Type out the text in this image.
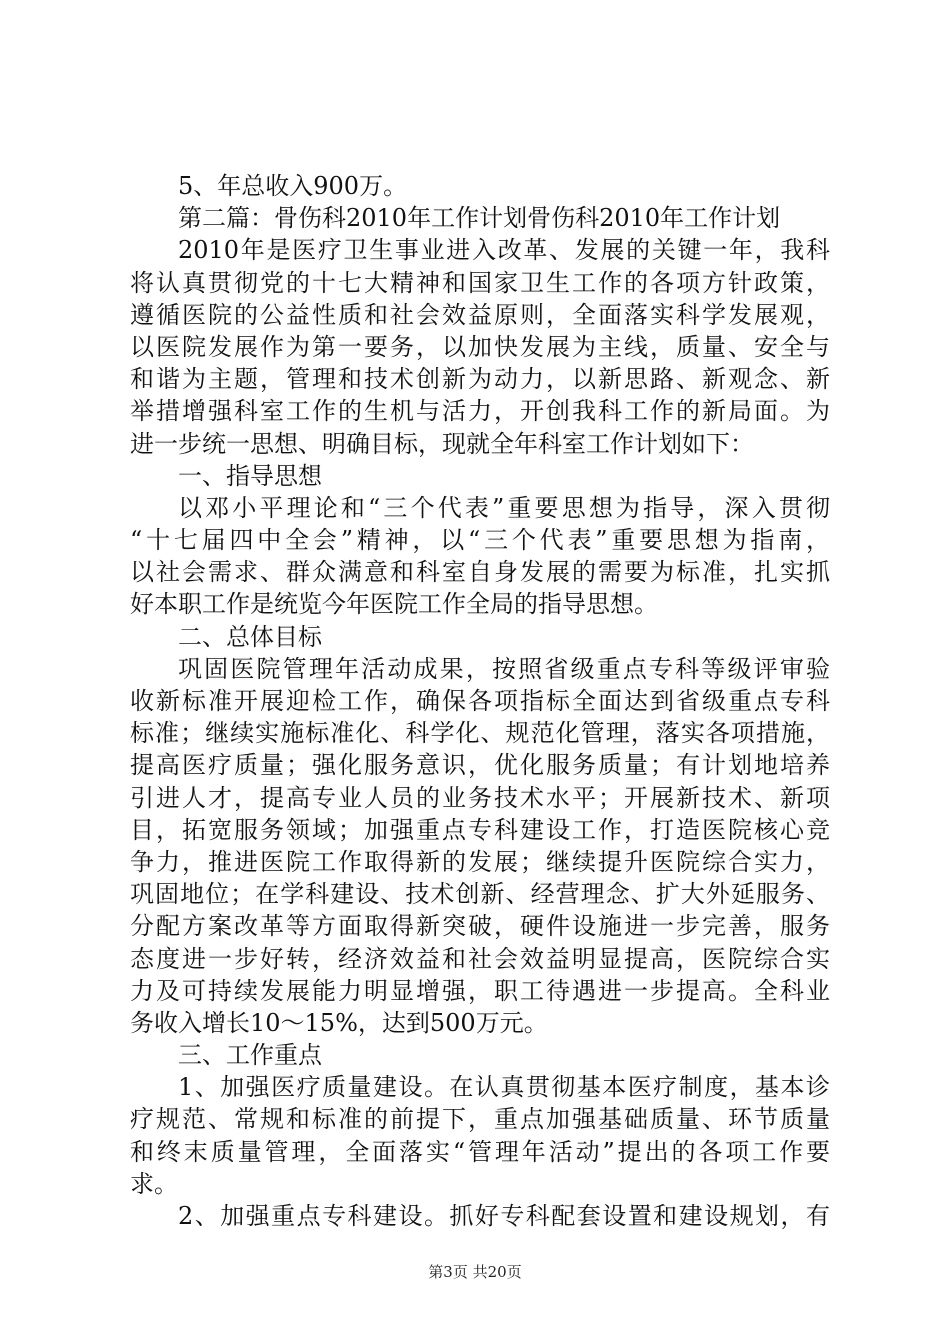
5、年总收入900万。
第二篇：骨伤科2010年工作计划骨伤科2010年工作计划
2010年是医疗卫生事业进入改革、发展的关键一年，我科
将认真贯彻党的十七大精神和国家卫生工作的各项方针政策，
遵循医院的公益性质和社会效益原则，全面落实科学发展观，
以医院发展作为第一要务，以加快发展为主线，质量、安全与
和谐为主题，管理和技术创新为动力，以新思路、新观念、新
举措增强科室工作的生机与活力，开创我科工作的新局面。为
进一步统一思想、明确目标，现就全年科室工作计划如下：
一、指导思想
以邓小平理论和“三个代表”重要思想为指导，深入贯彻
“十七届四中全会”精神，以“三个代表”重要思想为指南，
以社会需求、群众满意和科室自身发展的需要为标准，扎实抓
好本职工作是统览今年医院工作全局的指导思想。
二、总体目标
巩固医院管理年活动成果，按照省级重点专科等级评审验
收新标准开展迎检工作，确保各项指标全面达到省级重点专科
标准；继续实施标准化、科学化、规范化管理，落实各项措施，
提高医疗质量；强化服务意识，优化服务质量；有计划地培养
引进人才，提高专业人员的业务技术水平；开展新技术、新项
目，拓宽服务领域；加强重点专科建设工作，打造医院核心竞
争力，推进医院工作取得新的发展；继续提升医院综合实力，
巩固地位；在学科建设、技术创新、经营理念、扩大外延服务、
分配方案改革等方面取得新突破，硬件设施进一步完善，服务
态度进一步好转，经济效益和社会效益明显提高，医院综合实
力及可持续发展能力明显增强，职工待遇进一步提高。全科业
务收入增长10～15%，达到500万元。
三、工作重点
1、加强医疗质量建设。在认真贯彻基本医疗制度，基本诊
疗规范、常规和标准的前提下，重点加强基础质量、环节质量
和终末质量管理，全面落实“管理年活动”提出的各项工作要
求。
2、加强重点专科建设。抓好专科配套设置和建设规划，有
第3页 共20页
